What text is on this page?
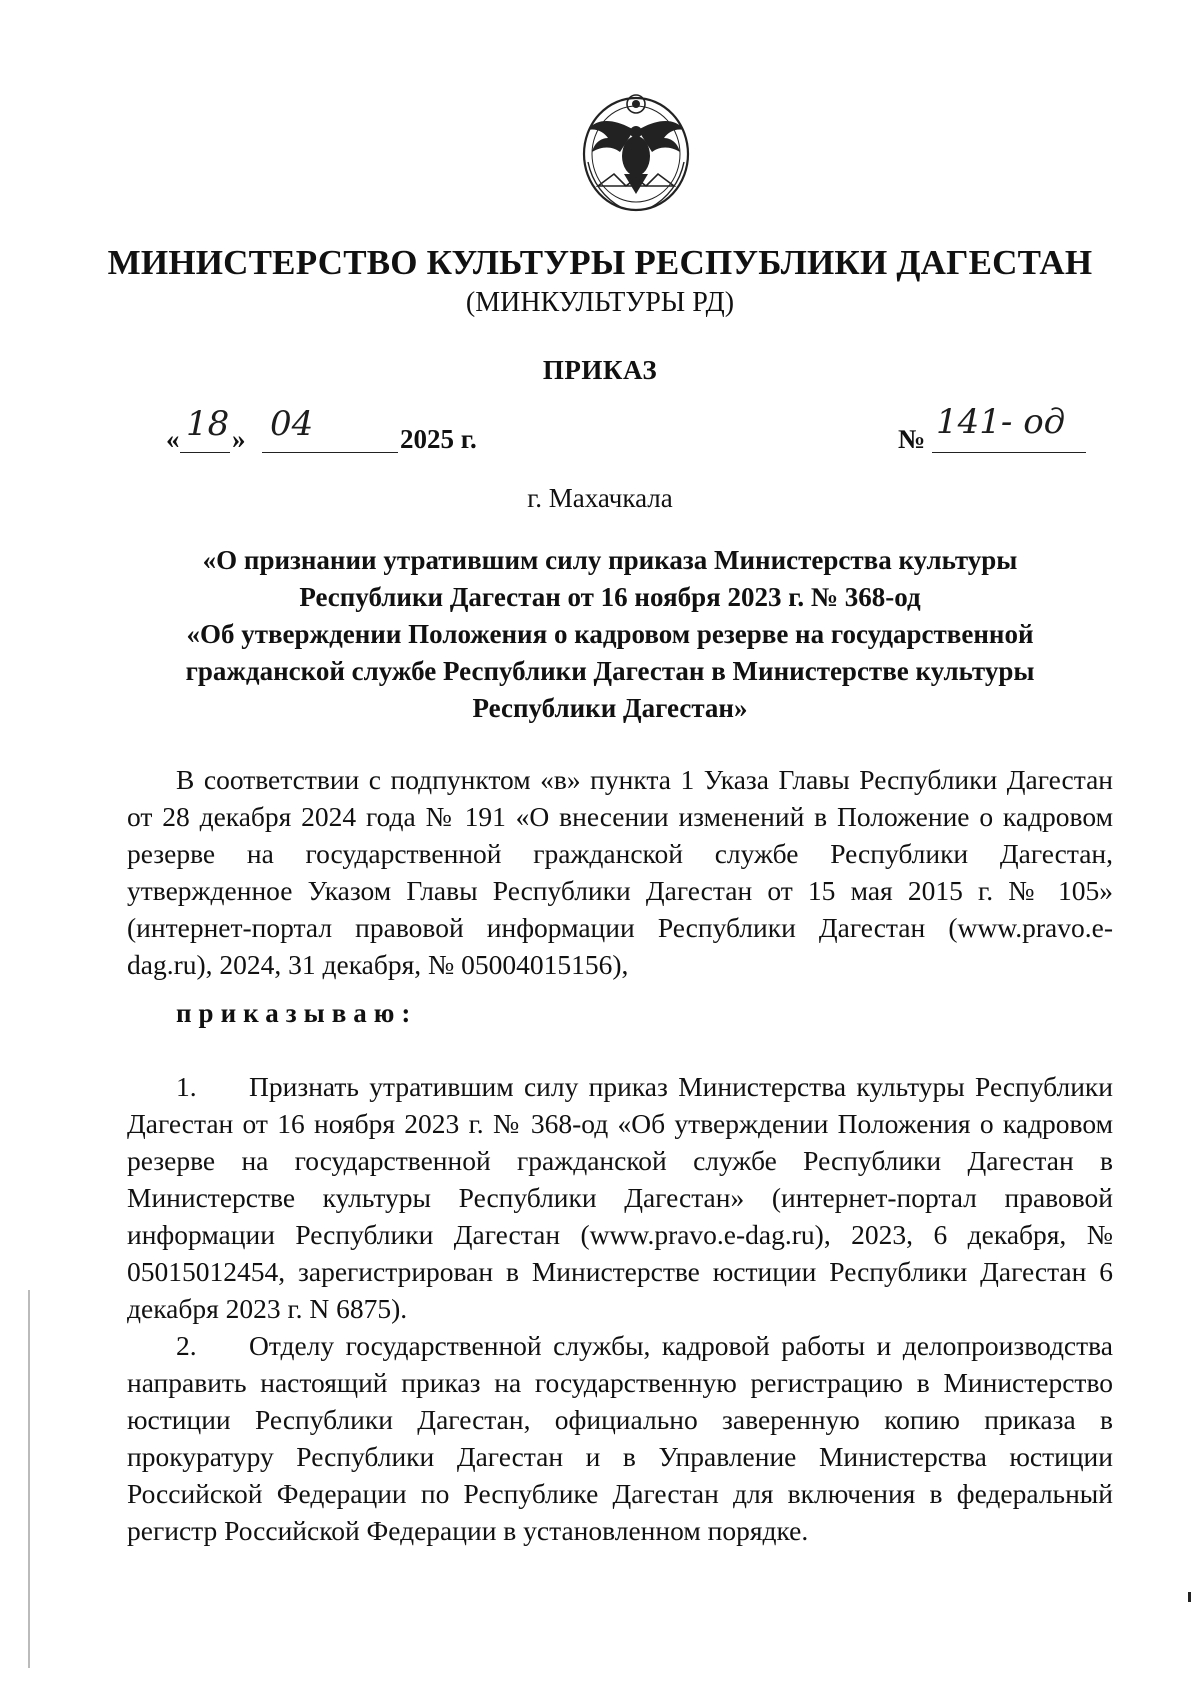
МИНИСТЕРСТВО КУЛЬТУРЫ РЕСПУБЛИКИ ДАГЕСТАН
(МИНКУЛЬТУРЫ РД)
ПРИКАЗ
« 18 » 04	2025 г.	№ 141- од
г. Махачкала
«О признании утратившим силу приказа Министерства культуры
Республики Дагестан от 16 ноября 2023 г. № 368-од
«Об утверждении Положения о кадровом резерве на государственной
гражданской службе Республики Дагестан в Министерстве культуры
Республики Дагестан»

В соответствии с подпунктом «в» пункта 1 Указа Главы Республики Дагестан от 28 декабря 2024 года № 191 «О внесении изменений в Положение о кадровом резерве на государственной гражданской службе Республики Дагестан, утвержденное Указом Главы Республики Дагестан от 15 мая 2015 г. № 105» (интернет-портал правовой информации Республики Дагестан (www.pravo.e-dag.ru), 2024, 31 декабря, № 05004015156),

приказываю:

1. Признать утратившим силу приказ Министерства культуры Республики Дагестан от 16 ноября 2023 г. № 368-од «Об утверждении Положения о кадровом резерве на государственной гражданской службе Республики Дагестан в Министерстве культуры Республики Дагестан» (интернет-портал правовой информации Республики Дагестан (www.pravo.e-dag.ru), 2023, 6 декабря, № 05015012454, зарегистрирован в Министерстве юстиции Республики Дагестан 6 декабря 2023 г. N 6875).

2. Отделу государственной службы, кадровой работы и делопроизводства направить настоящий приказ на государственную регистрацию в Министерство юстиции Республики Дагестан, официально заверенную копию приказа в прокуратуру Республики Дагестан и в Управление Министерства юстиции Российской Федерации по Республике Дагестан для включения в федеральный регистр Российской Федерации в установленном порядке.
